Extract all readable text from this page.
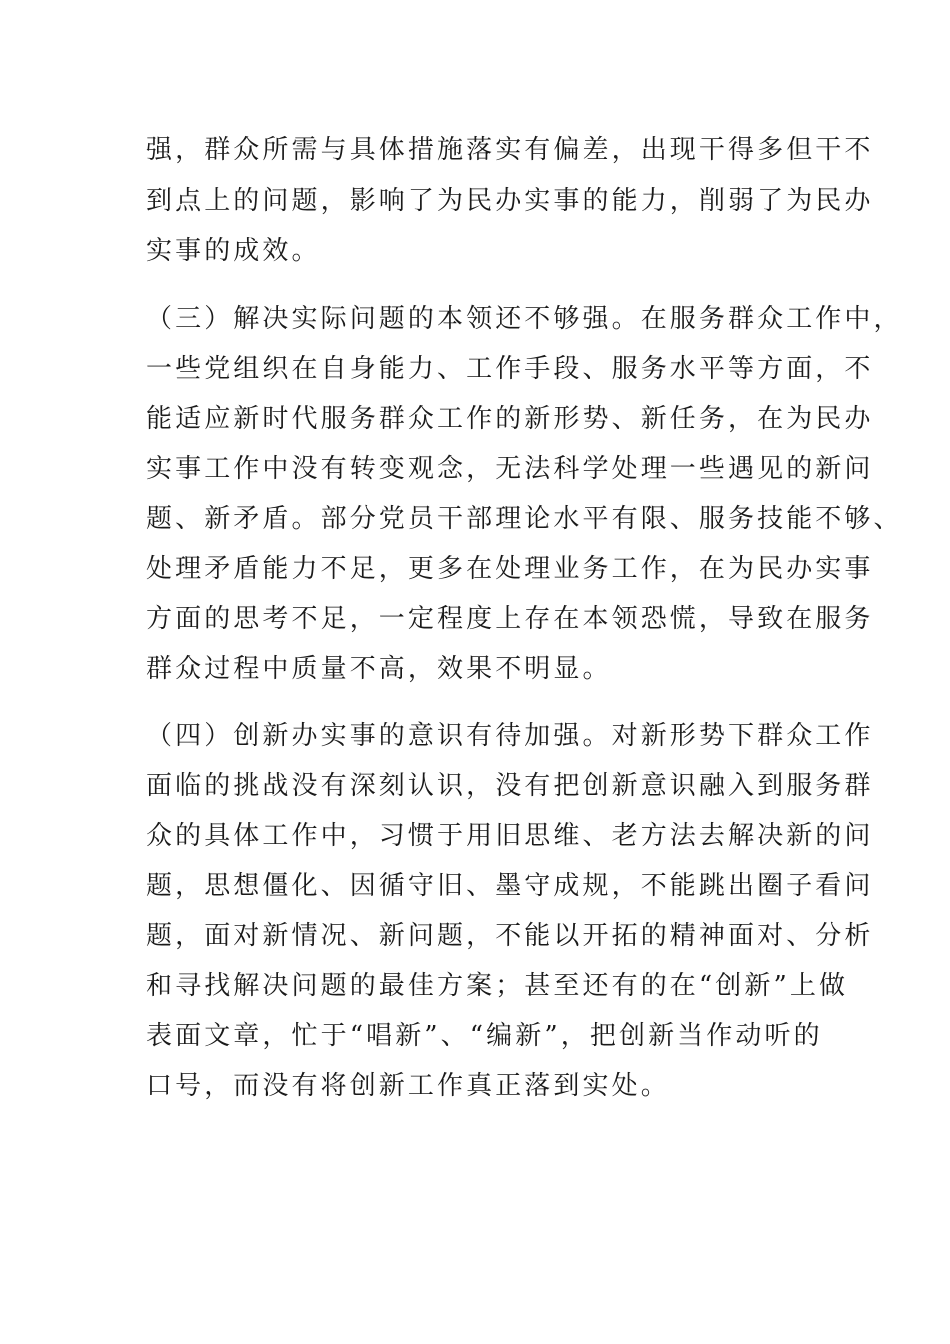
强，群众所需与具体措施落实有偏差，出现干得多但干不
到点上的问题，影响了为民办实事的能力，削弱了为民办
实事的成效。
（三）解决实际问题的本领还不够强。在服务群众工作中，
一些党组织在自身能力、工作手段、服务水平等方面，不
能适应新时代服务群众工作的新形势、新任务，在为民办
实事工作中没有转变观念，无法科学处理一些遇见的新问
题、新矛盾。部分党员干部理论水平有限、服务技能不够、
处理矛盾能力不足，更多在处理业务工作，在为民办实事
方面的思考不足，一定程度上存在本领恐慌，导致在服务
群众过程中质量不高，效果不明显。
（四）创新办实事的意识有待加强。对新形势下群众工作
面临的挑战没有深刻认识，没有把创新意识融入到服务群
众的具体工作中，习惯于用旧思维、老方法去解决新的问
题，思想僵化、因循守旧、墨守成规，不能跳出圈子看问
题，面对新情况、新问题，不能以开拓的精神面对、分析
和寻找解决问题的最佳方案；甚至还有的在“创新”上做
表面文章，忙于“唱新”、“编新”，把创新当作动听的
口号，而没有将创新工作真正落到实处。
